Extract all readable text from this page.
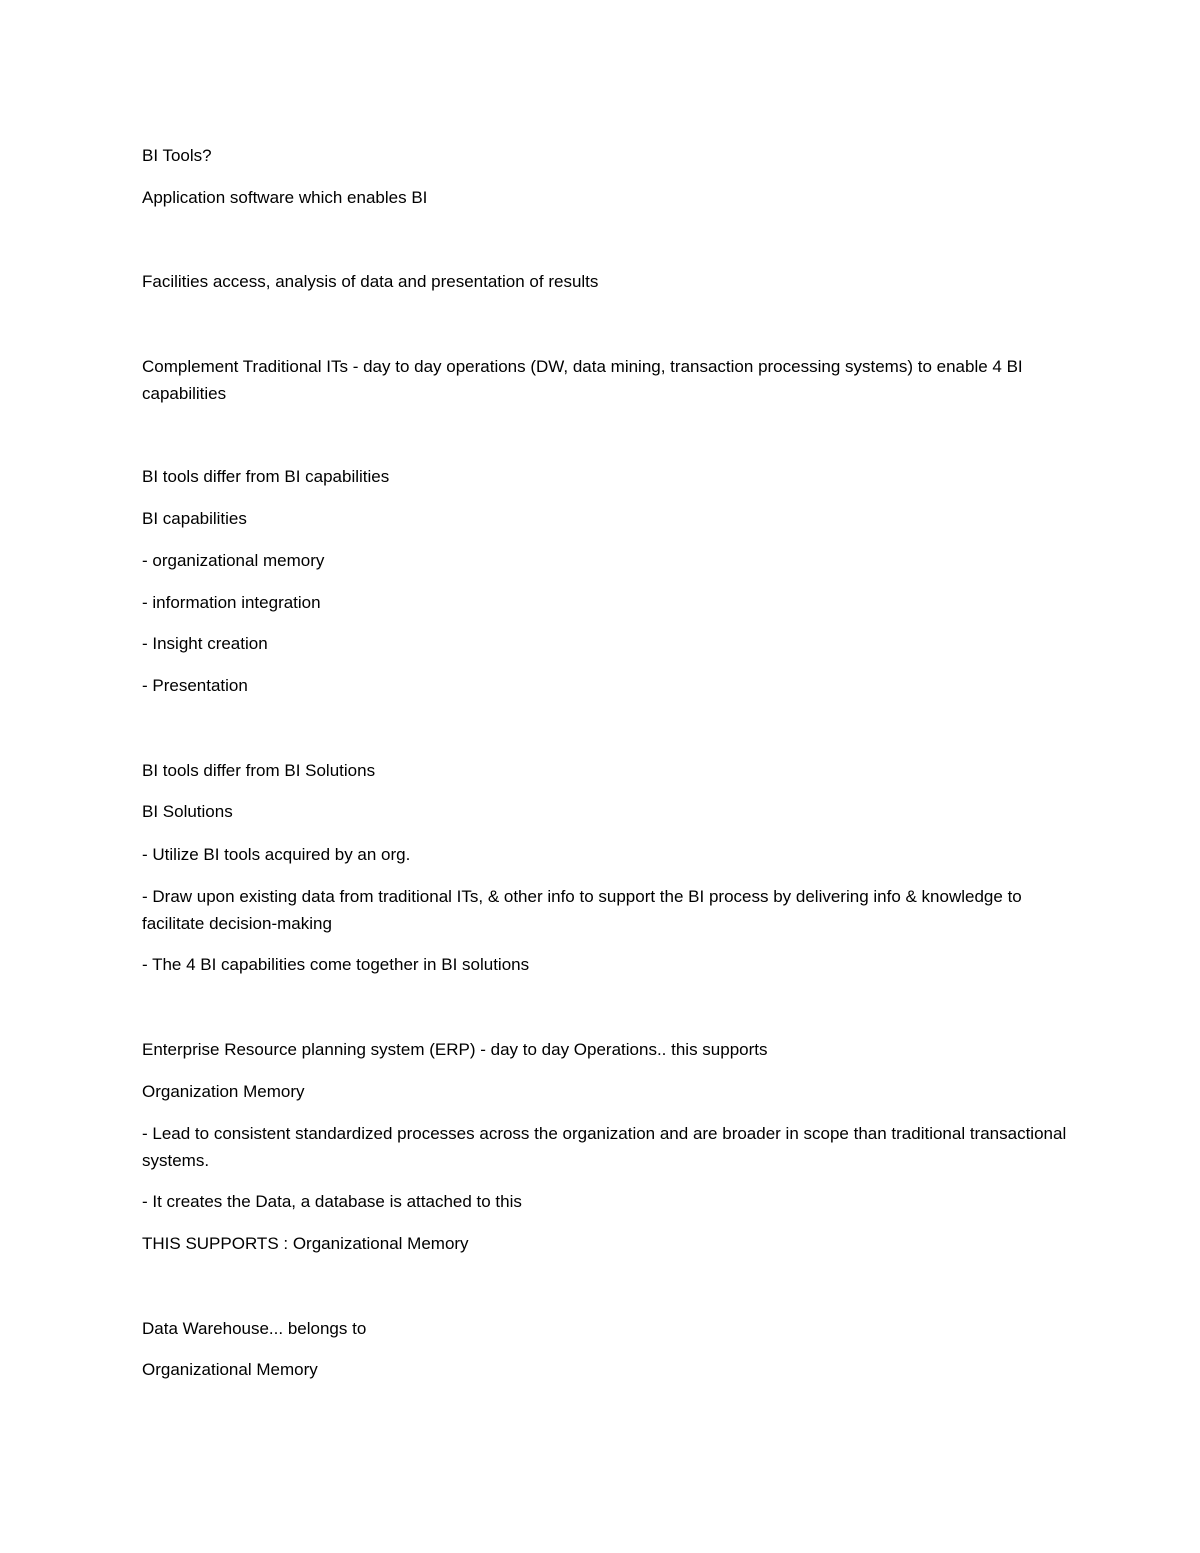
BI Tools?

Application software which enables BI

Facilities access, analysis of data and presentation of results

Complement Traditional ITs - day to day operations (DW, data mining, transaction processing systems) to enable 4 BI capabilities

BI tools differ from BI capabilities

BI capabilities

- organizational memory

- information integration

- Insight creation

- Presentation

BI tools differ from BI Solutions

BI Solutions

- Utilize BI tools acquired by an org.

- Draw upon existing data from traditional ITs, & other info to support the BI process by delivering info & knowledge to facilitate decision-making

- The 4 BI capabilities come together in BI solutions

Enterprise Resource planning system (ERP) - day to day Operations.. this supports

Organization Memory

- Lead to consistent standardized processes across the organization and are broader in scope than traditional transactional systems.

- It creates the Data, a database is attached to this

THIS SUPPORTS : Organizational Memory

Data Warehouse... belongs to

Organizational Memory
